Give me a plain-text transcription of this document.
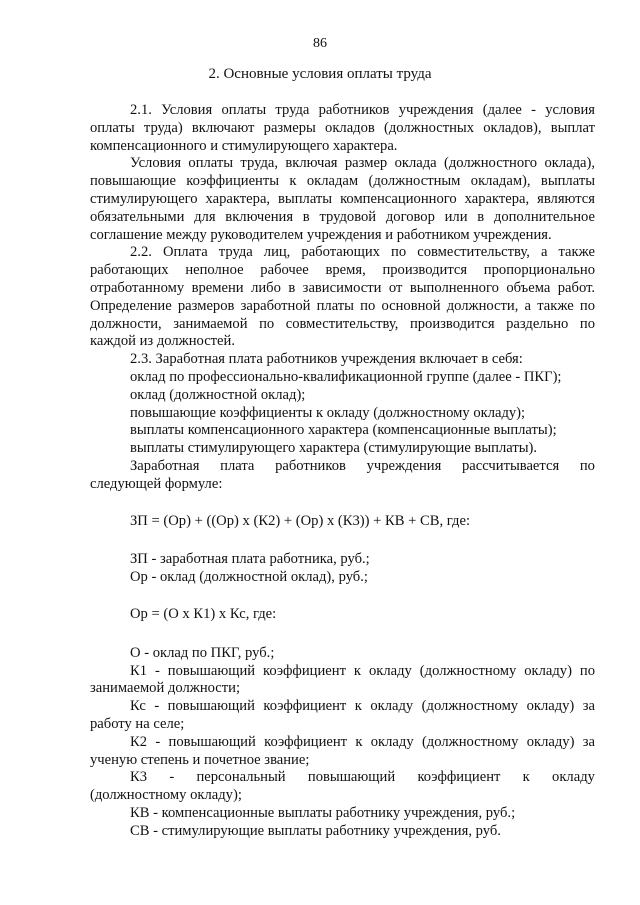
86
2. Основные условия оплаты труда

2.1. Условия оплаты труда работников учреждения (далее - условия оплаты труда) включают размеры окладов (должностных окладов), выплат компенсационного и стимулирующего характера.

Условия оплаты труда, включая размер оклада (должностного оклада), повышающие коэффициенты к окладам (должностным окладам), выплаты стимулирующего характера, выплаты компенсационного характера, являются обязательными для включения в трудовой договор или в дополнительное соглашение между руководителем учреждения и работником учреждения.

2.2. Оплата труда лиц, работающих по совместительству, а также работающих неполное рабочее время, производится пропорционально отработанному времени либо в зависимости от выполненного объема работ. Определение размеров заработной платы по основной должности, а также по должности, занимаемой по совместительству, производится раздельно по каждой из должностей.

2.3. Заработная плата работников учреждения включает в себя:

оклад по профессионально-квалификационной группе (далее - ПКГ);

оклад (должностной оклад);

повышающие коэффициенты к окладу (должностному окладу);

выплаты компенсационного характера (компенсационные выплаты);

выплаты стимулирующего характера (стимулирующие выплаты).

Заработная плата работников учреждения рассчитывается по

следующей формуле:

ЗП = (Ор) + ((Ор) х (К2) + (Ор) х (К3)) + КВ + СВ, где:

ЗП - заработная плата работника, руб.;

Ор - оклад (должностной оклад), руб.;

Ор = (О х К1) х Кс, где:

О - оклад по ПКГ, руб.;

К1 - повышающий коэффициент к окладу (должностному окладу) по занимаемой должности;

Кс - повышающий коэффициент к окладу (должностному окладу) за работу на селе;

К2 - повышающий коэффициент к окладу (должностному окладу) за ученую степень и почетное звание;

К3 - персональный повышающий коэффициент к окладу

(должностному окладу);

КВ - компенсационные выплаты работнику учреждения, руб.;

СВ - стимулирующие выплаты работнику учреждения, руб.
